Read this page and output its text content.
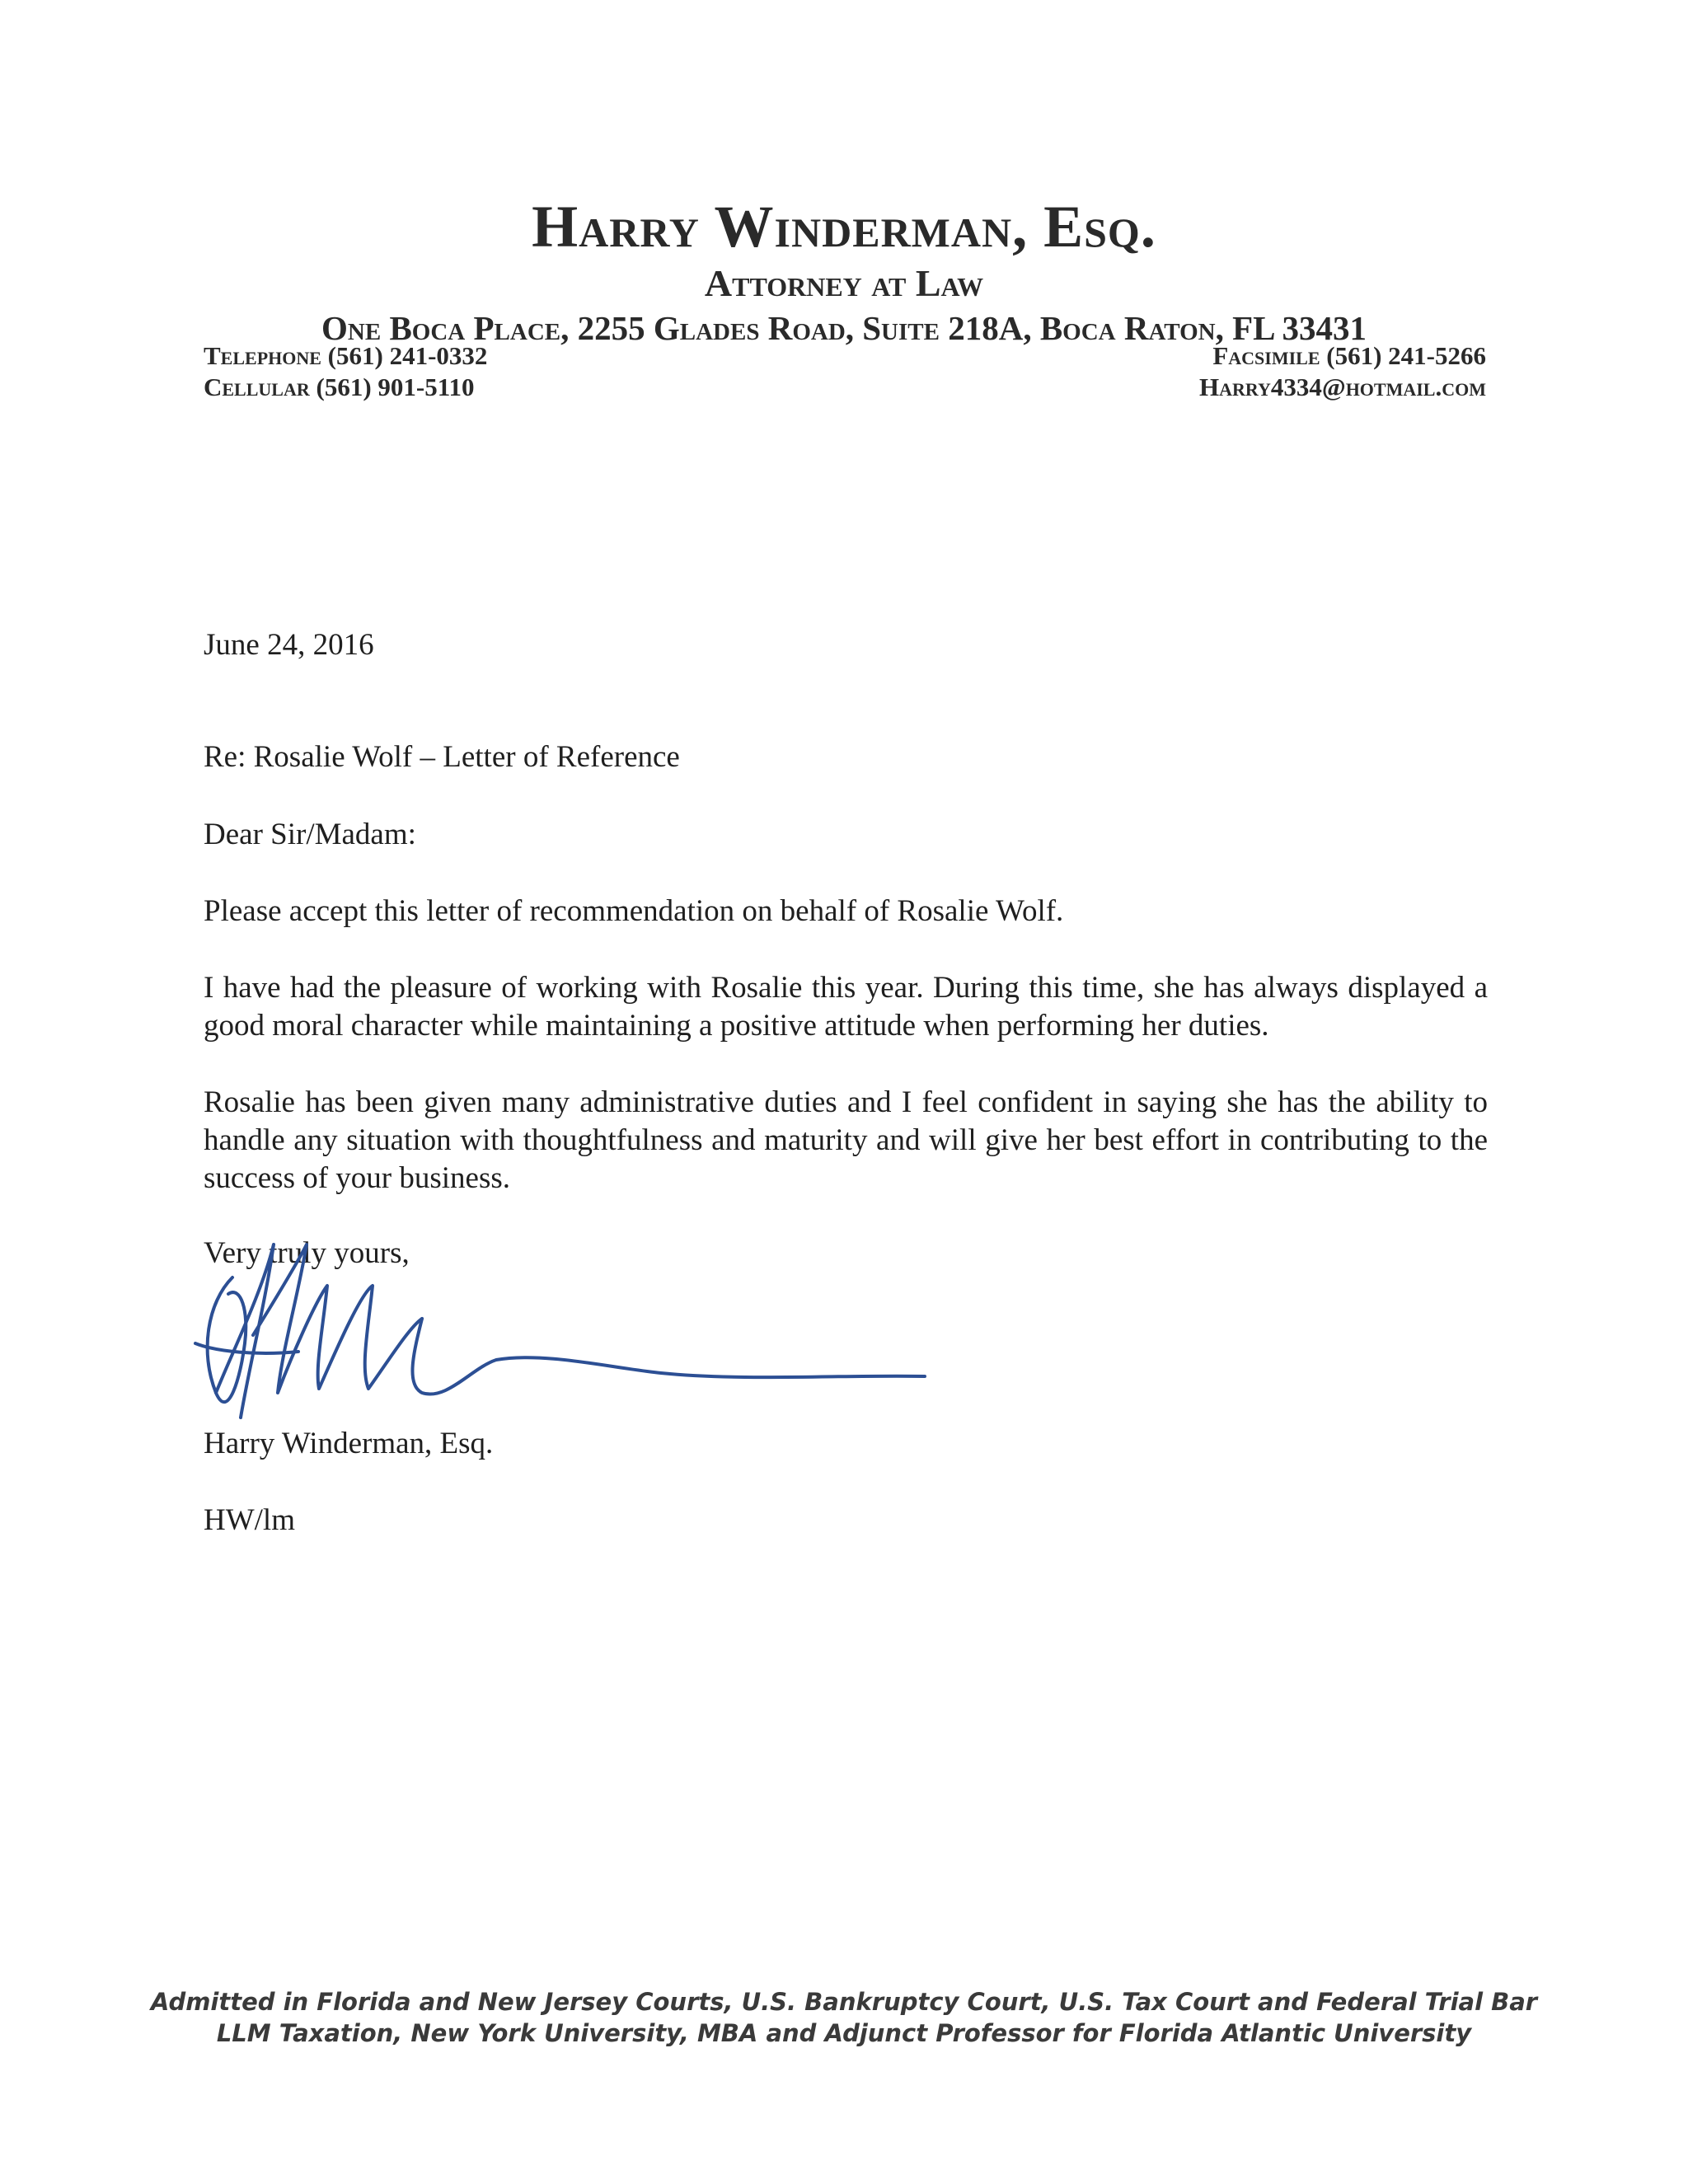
Harry Winderman, Esq.
Attorney at Law
One Boca Place, 2255 Glades Road, Suite 218A, Boca Raton, FL 33431
Telephone (561) 241-0332
Cellular (561) 901-5110
Facsimile (561) 241-5266
Harry4334@hotmail.com
June 24, 2016
Re: Rosalie Wolf – Letter of Reference
Dear Sir/Madam:
Please accept this letter of recommendation on behalf of Rosalie Wolf.
I have had the pleasure of working with Rosalie this year. During this time, she has always displayed a good moral character while maintaining a positive attitude when performing her duties.
Rosalie has been given many administrative duties and I feel confident in saying she has the ability to handle any situation with thoughtfulness and maturity and will give her best effort in contributing to the success of your business.
Very truly yours,
Harry Winderman, Esq.
HW/lm
Admitted in Florida and New Jersey Courts, U.S. Bankruptcy Court, U.S. Tax Court and Federal Trial Bar
LLM Taxation, New York University, MBA and Adjunct Professor for Florida Atlantic University
